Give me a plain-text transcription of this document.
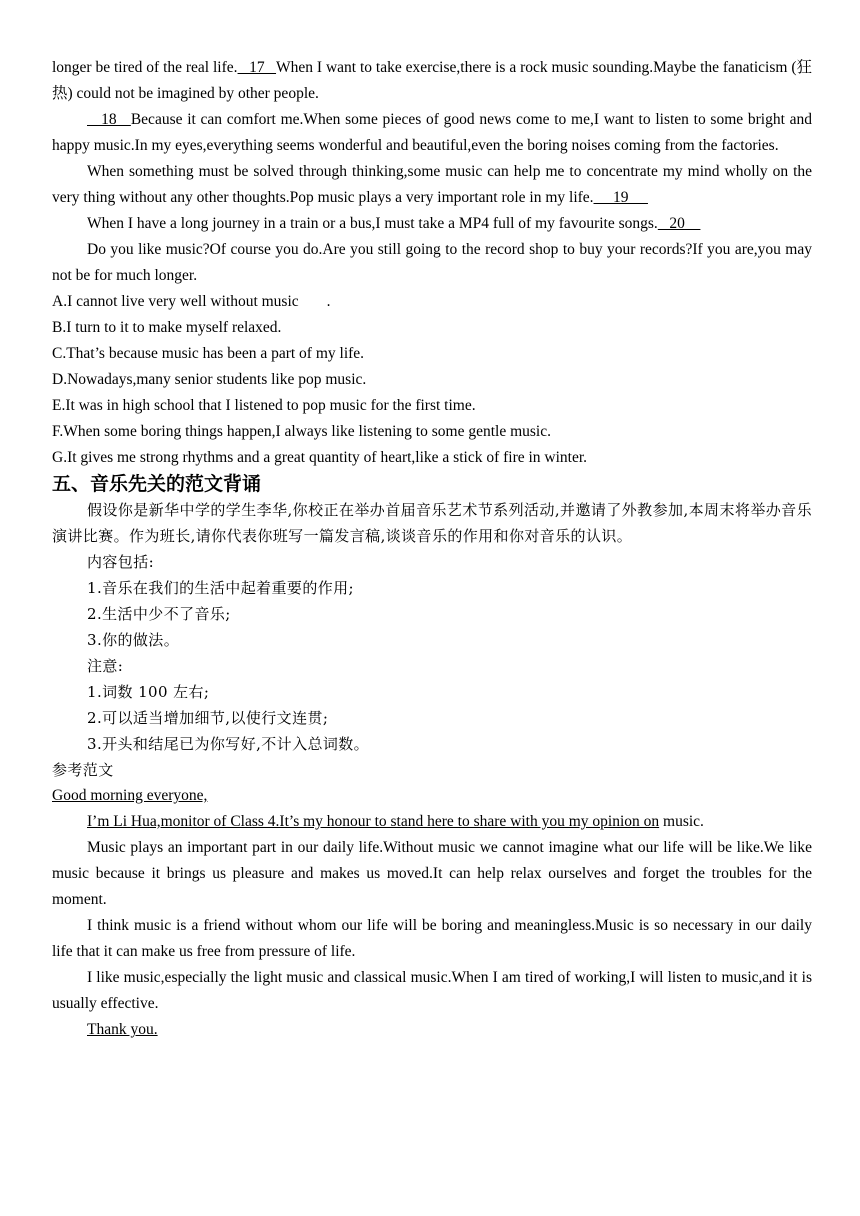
longer be tired of the real life.   17   When I want to take exercise,there is a rock music sounding.Maybe the fanaticism (狂热) could not be imagined by other people.

18   Because it can comfort me.When some pieces of good news come to me,I want to listen to some bright and happy music.In my eyes,everything seems wonderful and beautiful,even the boring noises coming from the factories.

When something must be solved through thinking,some music can help me to concentrate my mind wholly on the very thing without any other thoughts.Pop music plays a very important role in my life.__ 19 __

When I have a long journey in a train or a bus,I must take a MP4 full of my favourite songs.   20

Do you like music?Of course you do.Are you still going to the record shop to buy your records?If you are,you may not be for much longer.

A.I cannot live very well without music .

B.I turn to it to make myself relaxed.

C.That’s because music has been a part of my life.

D.Nowadays,many senior students like pop music.

E.It was in high school that I listened to pop music for the first time.

F.When some boring things happen,I always like listening to some gentle music.

G.It gives me strong rhythms and a great quantity of heart,like a stick of fire in winter.

五、音乐先关的范文背诵

假设你是新华中学的学生李华,你校正在举办首届音乐艺术节系列活动,并邀请了外教参加,本周末将举办音乐演讲比赛。作为班长,请你代表你班写一篇发言稿,谈谈音乐的作用和你对音乐的认识。

内容包括:

1.音乐在我们的生活中起着重要的作用;

2.生活中少不了音乐;

3.你的做法。

注意:

1.词数 100 左右;

2.可以适当增加细节,以使行文连贯;

3.开头和结尾已为你写好,不计入总词数。

参考范文

Good morning everyone,

I’m Li Hua,monitor of Class 4.It’s my honour to stand here to share with you my opinion on music.

Music plays an important part in our daily life.Without music we cannot imagine what our life will be like.We like music because it brings us pleasure and makes us moved.It can help relax ourselves and forget the troubles for the moment.

I think music is a friend without whom our life will be boring and meaningless.Music is so necessary in our daily life that it can make us free from pressure of life.

I like music,especially the light music and classical music.When I am tired of working,I will listen to music,and it is usually effective.

Thank you.
